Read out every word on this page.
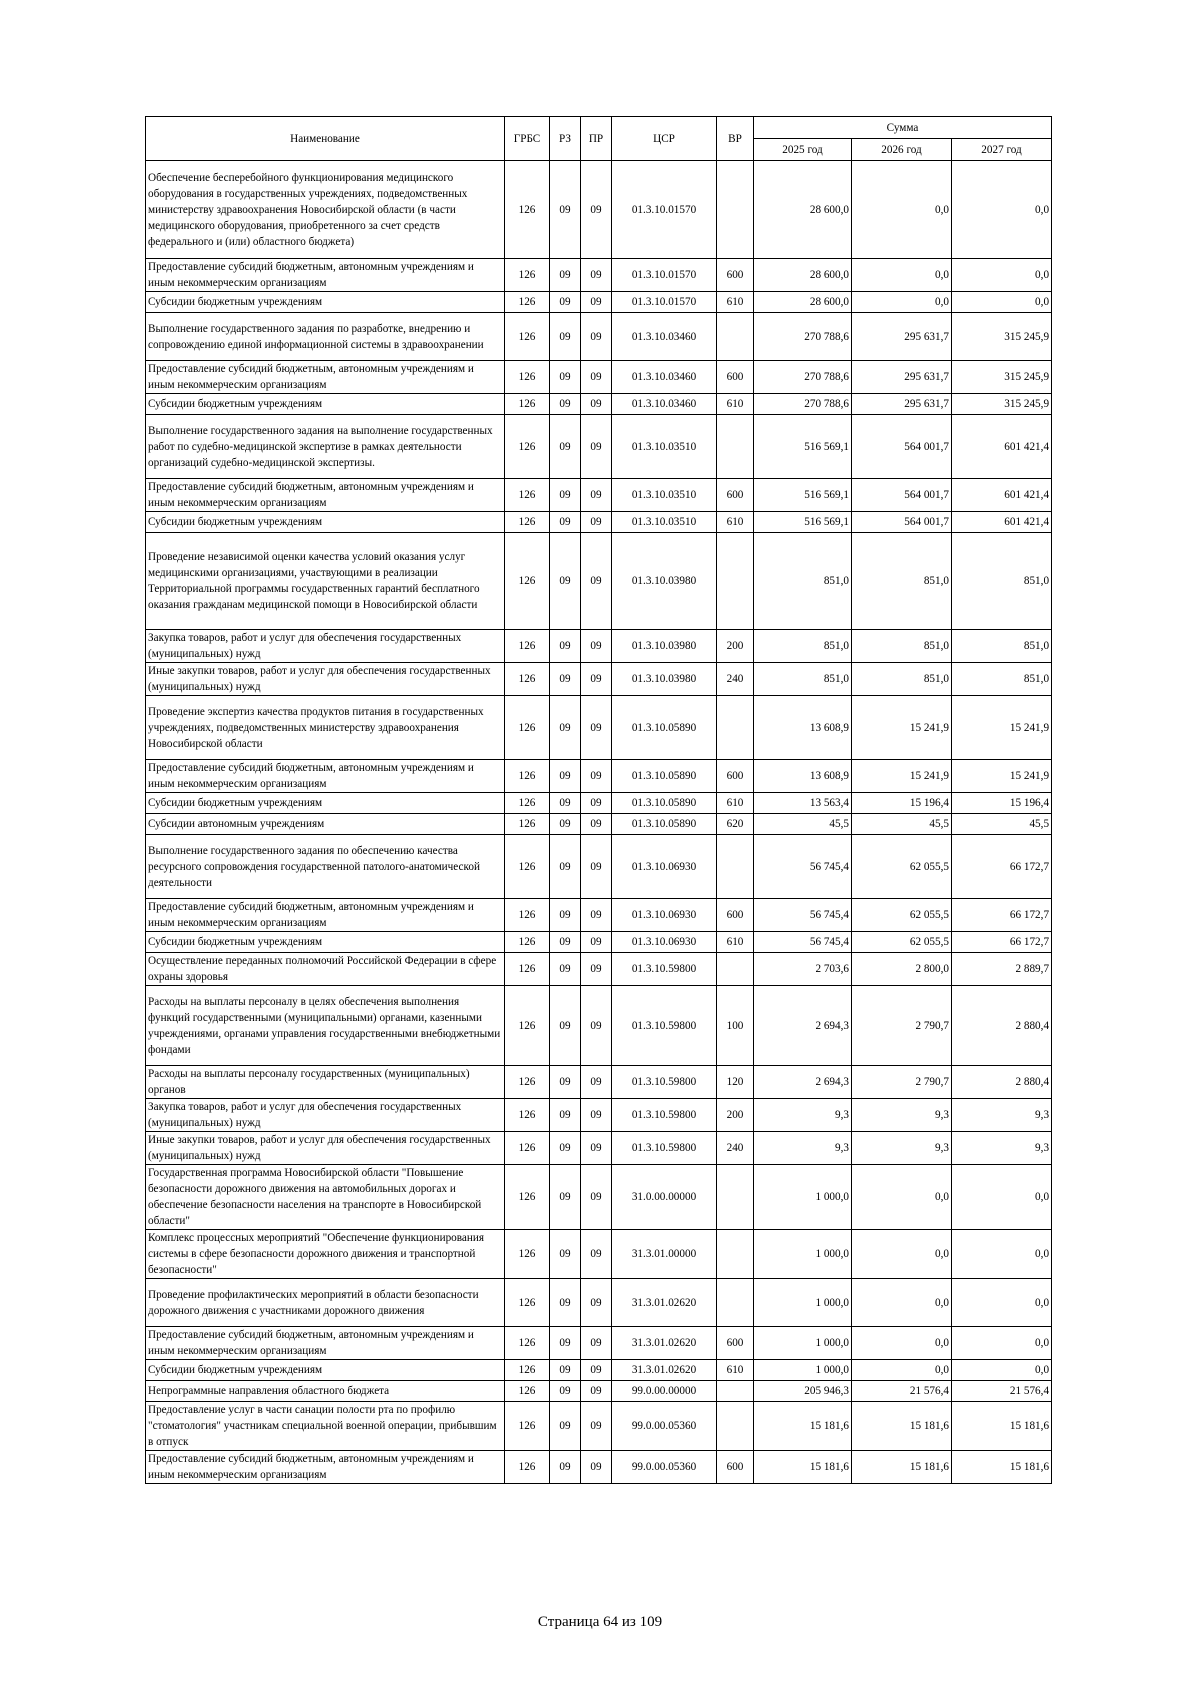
Наименование	ГРБС	РЗ	ПР	ЦСР	ВР	Сумма		
						2025 год	2026 год	2027 год
Обеспечение бесперебойного функционирования медицинского оборудования в государственных учреждениях, подведомственных министерству здравоохранения Новосибирской области (в части медицинского оборудования, приобретенного за счет средств федерального и (или) областного бюджета)	126	09	09	01.3.10.01570		28 600,0	0,0	0,0
Предоставление субсидий бюджетным, автономным учреждениям и иным некоммерческим организациям	126	09	09	01.3.10.01570	600	28 600,0	0,0	0,0
Субсидии бюджетным учреждениям	126	09	09	01.3.10.01570	610	28 600,0	0,0	0,0
Выполнение государственного задания по разработке, внедрению и сопровождению единой информационной системы в здравоохранении	126	09	09	01.3.10.03460		270 788,6	295 631,7	315 245,9
Предоставление субсидий бюджетным, автономным учреждениям и иным некоммерческим организациям	126	09	09	01.3.10.03460	600	270 788,6	295 631,7	315 245,9
Субсидии бюджетным учреждениям	126	09	09	01.3.10.03460	610	270 788,6	295 631,7	315 245,9
Выполнение государственного задания на выполнение государственных работ по судебно-медицинской экспертизе в рамках деятельности организаций судебно-медицинской экспертизы.	126	09	09	01.3.10.03510		516 569,1	564 001,7	601 421,4
Предоставление субсидий бюджетным, автономным учреждениям и иным некоммерческим организациям	126	09	09	01.3.10.03510	600	516 569,1	564 001,7	601 421,4
Субсидии бюджетным учреждениям	126	09	09	01.3.10.03510	610	516 569,1	564 001,7	601 421,4
Проведение независимой оценки качества условий оказания услуг медицинскими организациями, участвующими в реализации Территориальной программы государственных гарантий бесплатного оказания гражданам медицинской помощи в Новосибирской области	126	09	09	01.3.10.03980		851,0	851,0	851,0
Закупка товаров, работ и услуг для обеспечения государственных (муниципальных) нужд	126	09	09	01.3.10.03980	200	851,0	851,0	851,0
Иные закупки товаров, работ и услуг для обеспечения государственных (муниципальных) нужд	126	09	09	01.3.10.03980	240	851,0	851,0	851,0
Проведение экспертиз качества продуктов питания в государственных учреждениях, подведомственных министерству здравоохранения Новосибирской области	126	09	09	01.3.10.05890		13 608,9	15 241,9	15 241,9
Предоставление субсидий бюджетным, автономным учреждениям и иным некоммерческим организациям	126	09	09	01.3.10.05890	600	13 608,9	15 241,9	15 241,9
Субсидии бюджетным учреждениям	126	09	09	01.3.10.05890	610	13 563,4	15 196,4	15 196,4
Субсидии автономным учреждениям	126	09	09	01.3.10.05890	620	45,5	45,5	45,5
Выполнение государственного задания по обеспечению качества ресурсного сопровождения государственной патолого-анатомической деятельности	126	09	09	01.3.10.06930		56 745,4	62 055,5	66 172,7
Предоставление субсидий бюджетным, автономным учреждениям и иным некоммерческим организациям	126	09	09	01.3.10.06930	600	56 745,4	62 055,5	66 172,7
Субсидии бюджетным учреждениям	126	09	09	01.3.10.06930	610	56 745,4	62 055,5	66 172,7
Осуществление переданных полномочий Российской Федерации в сфере охраны здоровья	126	09	09	01.3.10.59800		2 703,6	2 800,0	2 889,7
Расходы на выплаты персоналу в целях обеспечения выполнения функций государственными (муниципальными) органами, казенными учреждениями, органами управления государственными внебюджетными фондами	126	09	09	01.3.10.59800	100	2 694,3	2 790,7	2 880,4
Расходы на выплаты персоналу государственных (муниципальных) органов	126	09	09	01.3.10.59800	120	2 694,3	2 790,7	2 880,4
Закупка товаров, работ и услуг для обеспечения государственных (муниципальных) нужд	126	09	09	01.3.10.59800	200	9,3	9,3	9,3
Иные закупки товаров, работ и услуг для обеспечения государственных (муниципальных) нужд	126	09	09	01.3.10.59800	240	9,3	9,3	9,3
Государственная программа Новосибирской области "Повышение безопасности дорожного движения на автомобильных дорогах и обеспечение безопасности населения на транспорте в Новосибирской области"	126	09	09	31.0.00.00000		1 000,0	0,0	0,0
Комплекс процессных мероприятий "Обеспечение функционирования системы в сфере безопасности дорожного движения и транспортной безопасности"	126	09	09	31.3.01.00000		1 000,0	0,0	0,0
Проведение профилактических мероприятий в области безопасности дорожного движения с участниками дорожного движения	126	09	09	31.3.01.02620		1 000,0	0,0	0,0
Предоставление субсидий бюджетным, автономным учреждениям и иным некоммерческим организациям	126	09	09	31.3.01.02620	600	1 000,0	0,0	0,0
Субсидии бюджетным учреждениям	126	09	09	31.3.01.02620	610	1 000,0	0,0	0,0
Непрограммные направления областного бюджета	126	09	09	99.0.00.00000		205 946,3	21 576,4	21 576,4
Предоставление услуг в части санации полости рта по профилю "стоматология" участникам специальной военной операции, прибывшим в отпуск	126	09	09	99.0.00.05360		15 181,6	15 181,6	15 181,6
Предоставление субсидий бюджетным, автономным учреждениям и иным некоммерческим организациям	126	09	09	99.0.00.05360	600	15 181,6	15 181,6	15 181,6
Страница 64 из 109
